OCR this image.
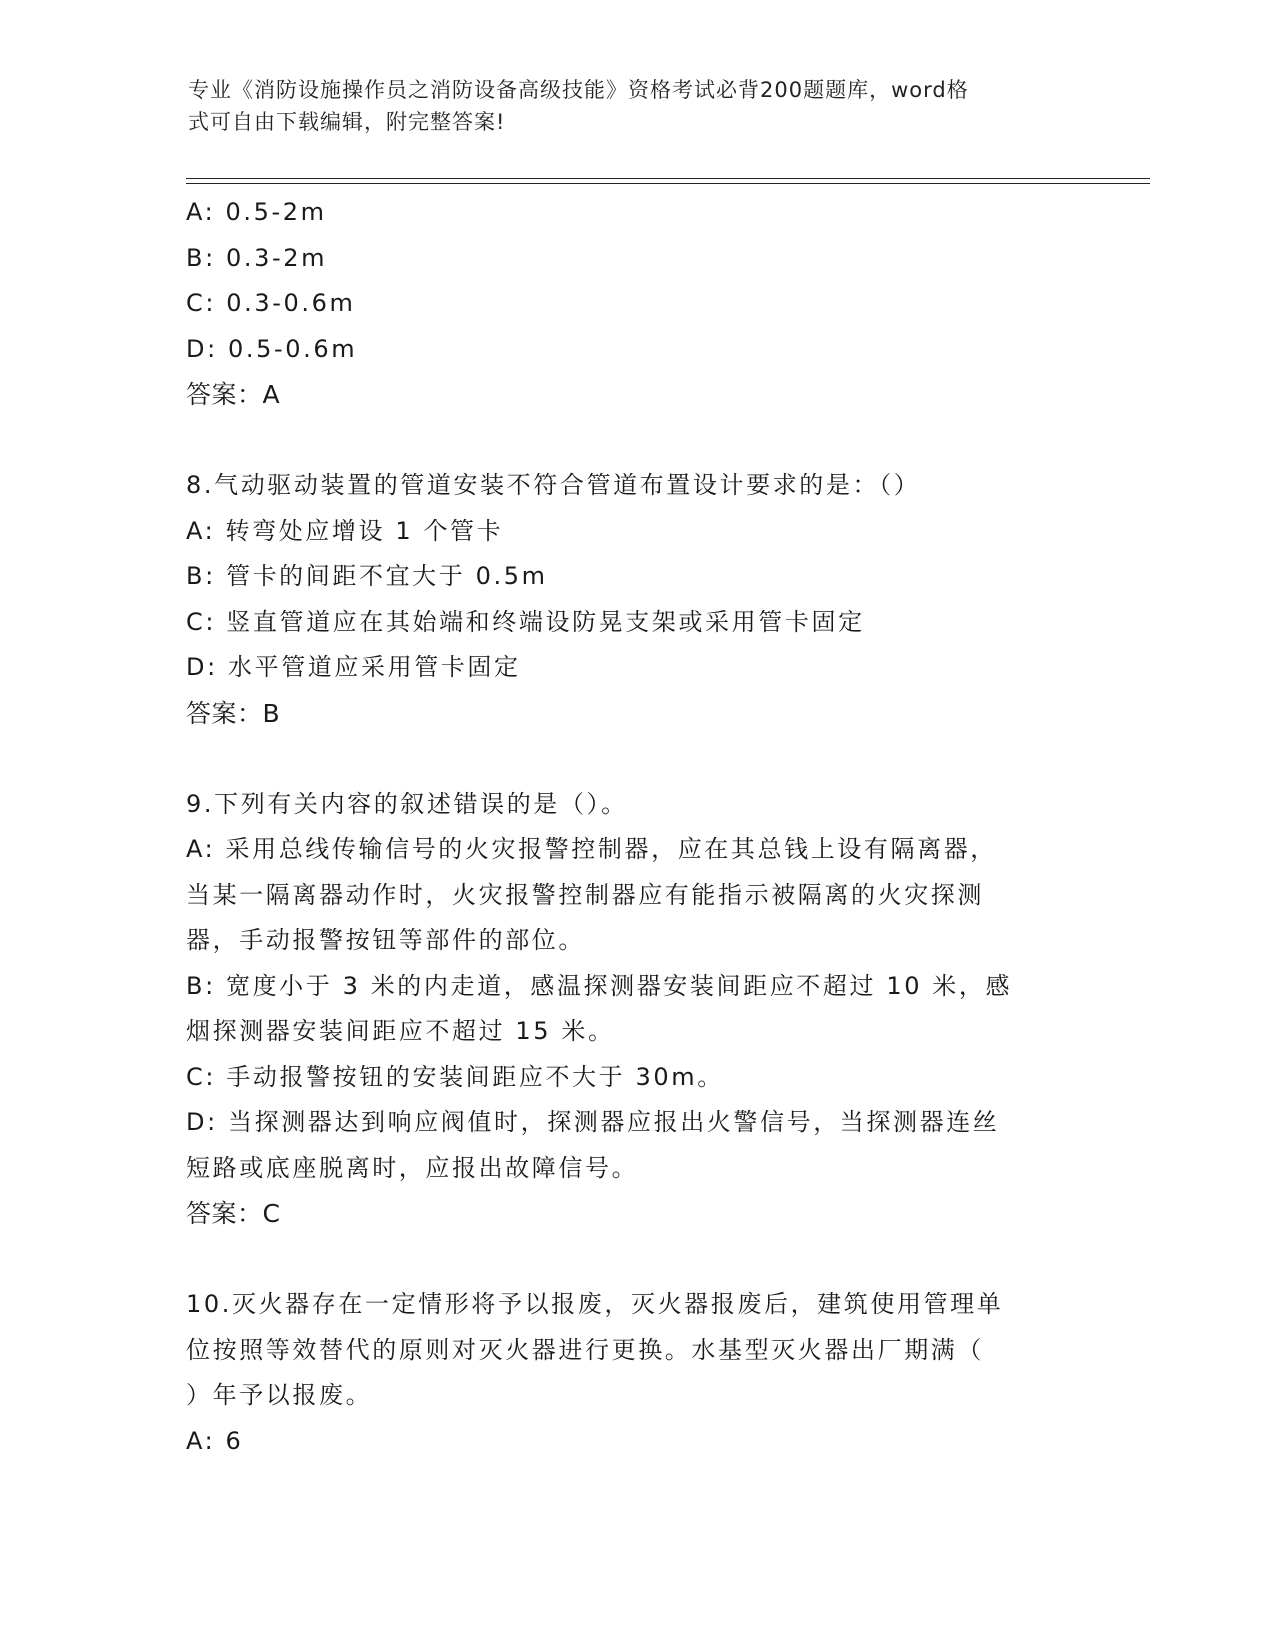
专业《消防设施操作员之消防设备高级技能》资格考试必背200题题库，word格
式可自由下载编辑，附完整答案!
A: 0.5-2m
B: 0.3-2m
C: 0.3-0.6m
D: 0.5-0.6m
答案：A
8.气动驱动装置的管道安装不符合管道布置设计要求的是：（）
A: 转弯处应增设 1 个管卡
B: 管卡的间距不宜大于 0.5m
C: 竖直管道应在其始端和终端设防晃支架或采用管卡固定
D: 水平管道应采用管卡固定
答案：B
9.下列有关内容的叙述错误的是（）。
A: 采用总线传输信号的火灾报警控制器，应在其总钱上设有隔离器，
当某一隔离器动作时，火灾报警控制器应有能指示被隔离的火灾探测
器，手动报警按钮等部件的部位。
B: 宽度小于 3 米的内走道，感温探测器安装间距应不超过 10 米，感
烟探测器安装间距应不超过 15 米。
C: 手动报警按钮的安装间距应不大于 30m。
D: 当探测器达到响应阀值时，探测器应报出火警信号，当探测器连丝
短路或底座脱离时，应报出故障信号。
答案：C
10.灭火器存在一定情形将予以报废，灭火器报废后，建筑使用管理单
位按照等效替代的原则对灭火器进行更换。水基型灭火器出厂期满（
）年予以报废。
A: 6
